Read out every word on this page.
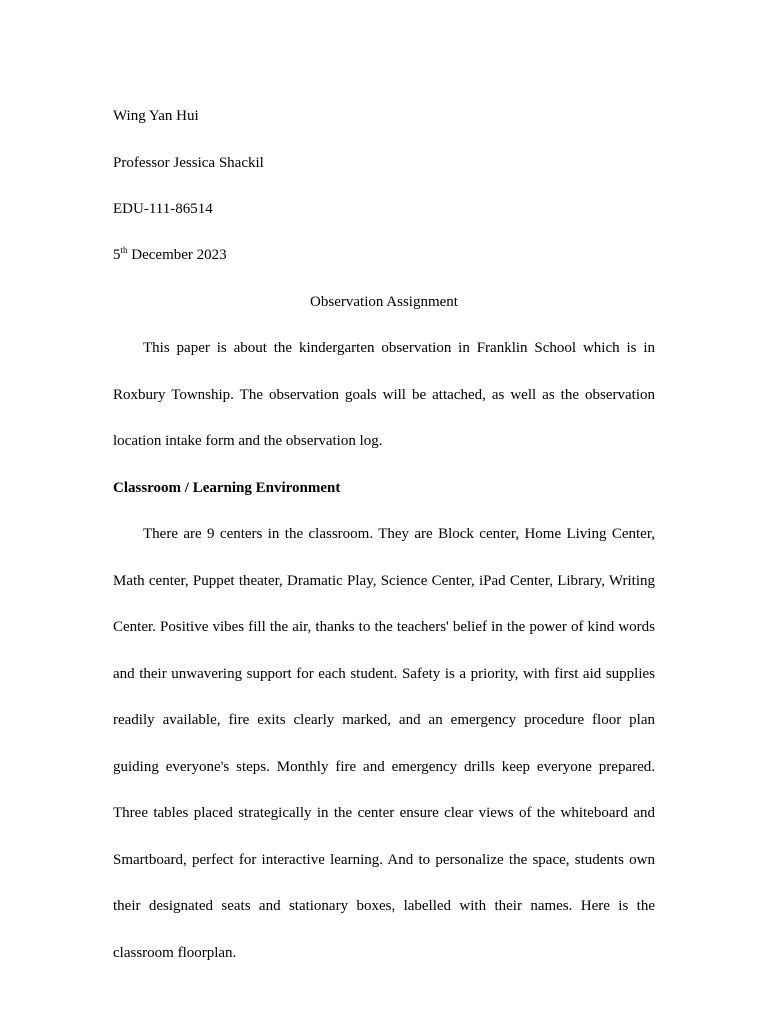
Wing Yan Hui
Professor Jessica Shackil
EDU-111-86514
5th December 2023
Observation Assignment

This paper is about the kindergarten observation in Franklin School which is in Roxbury Township. The observation goals will be attached, as well as the observation location intake form and the observation log.

Classroom / Learning Environment

There are 9 centers in the classroom. They are Block center, Home Living Center, Math center, Puppet theater, Dramatic Play, Science Center, iPad Center, Library, Writing Center. Positive vibes fill the air, thanks to the teachers' belief in the power of kind words and their unwavering support for each student. Safety is a priority, with first aid supplies readily available, fire exits clearly marked, and an emergency procedure floor plan guiding everyone's steps. Monthly fire and emergency drills keep everyone prepared. Three tables placed strategically in the center ensure clear views of the whiteboard and Smartboard, perfect for interactive learning. And to personalize the space, students own their designated seats and stationary boxes, labelled with their names. Here is the classroom floorplan.
